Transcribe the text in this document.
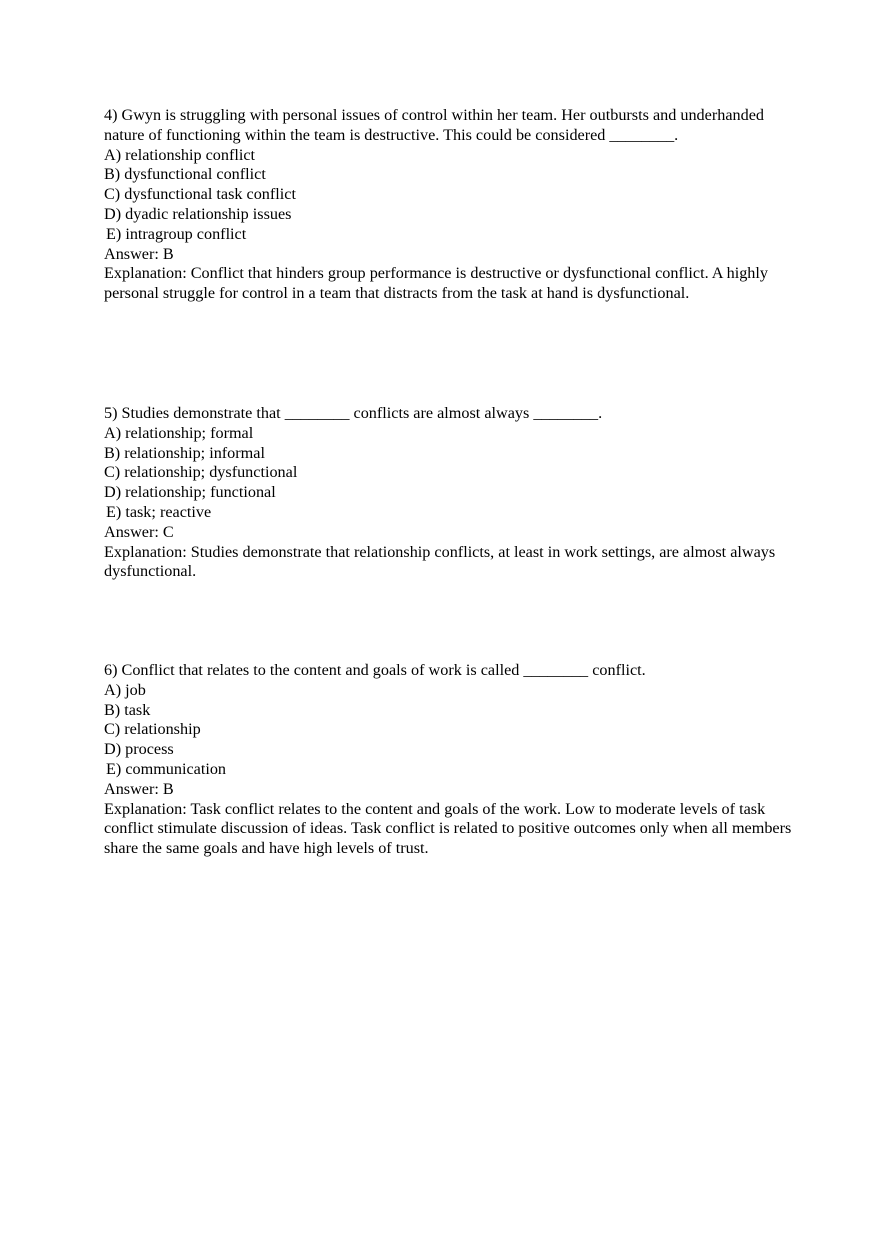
4) Gwyn is struggling with personal issues of control within her team. Her outbursts and underhanded nature of functioning within the team is destructive. This could be considered ________.
A) relationship conflict
B) dysfunctional conflict
C) dysfunctional task conflict
D) dyadic relationship issues
E) intragroup conflict
Answer: B
Explanation: Conflict that hinders group performance is destructive or dysfunctional conflict. A highly personal struggle for control in a team that distracts from the task at hand is dysfunctional.
5) Studies demonstrate that ________ conflicts are almost always ________.
A) relationship; formal
B) relationship; informal
C) relationship; dysfunctional
D) relationship; functional
E) task; reactive
Answer: C
Explanation: Studies demonstrate that relationship conflicts, at least in work settings, are almost always dysfunctional.
6) Conflict that relates to the content and goals of work is called ________ conflict.
A) job
B) task
C) relationship
D) process
E) communication
Answer: B
Explanation: Task conflict relates to the content and goals of the work. Low to moderate levels of task conflict stimulate discussion of ideas. Task conflict is related to positive outcomes only when all members share the same goals and have high levels of trust.
